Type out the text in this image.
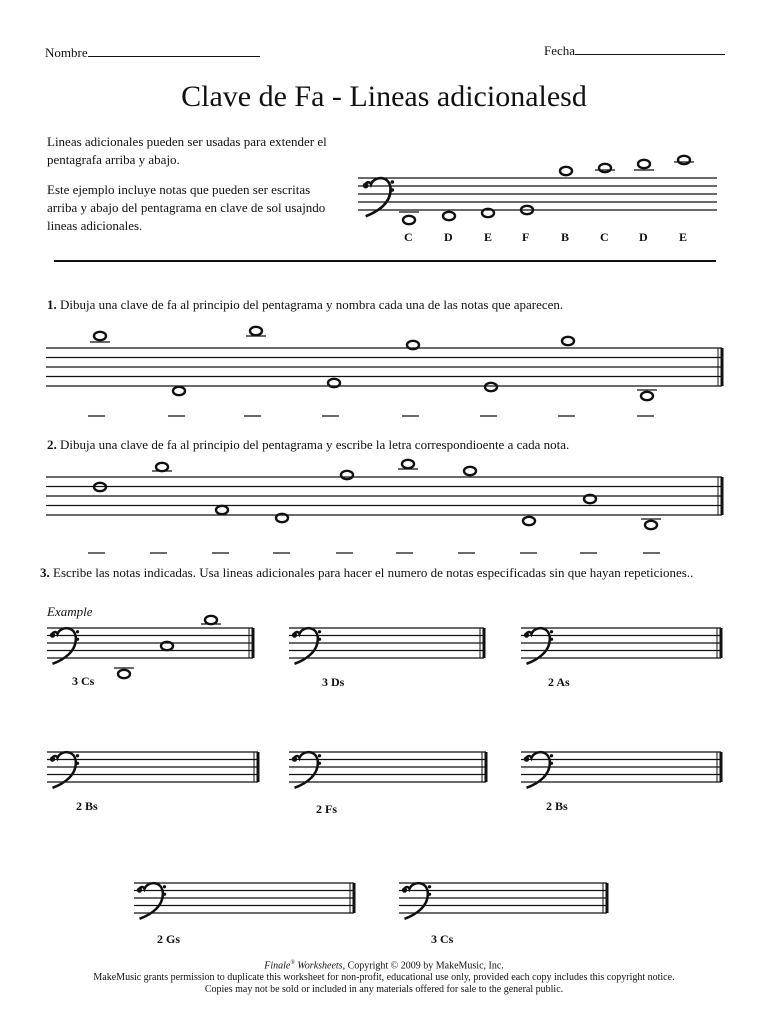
Nombre	Fecha
Clave de Fa - Lineas adicionalesd

Lineas adicionales pueden ser usadas para extender el pentagrafa arriba y abajo.

Este ejemplo incluye notas que pueden ser escritas arriba y abajo del pentagrama en clave de sol usajndo lineas adicionales.

C	D	E F	B	C	D	E
1. Dibuja una clave de fa al principio del pentagrama y nombra cada una de las notas que aparecen.
2. Dibuja una clave de fa al principio del pentagrama y escribe la letra correspondioente a cada nota.
3. Escribe las notas indicadas. Usa lineas adicionales para hacer el numero de notas especificadas sin que hayan repeticiones..
Example
3 Cs	3 Ds	2 As
2 Bs	2 Fs	2 Bs
2 Gs	3 Cs
Finale® Worksheets, Copyright © 2009 by MakeMusic, Inc.
MakeMusic grants permission to duplicate this worksheet for non-profit, educational use only, provided each copy includes this copyright notice.
Copies may not be sold or included in any materials offered for sale to the general public.
